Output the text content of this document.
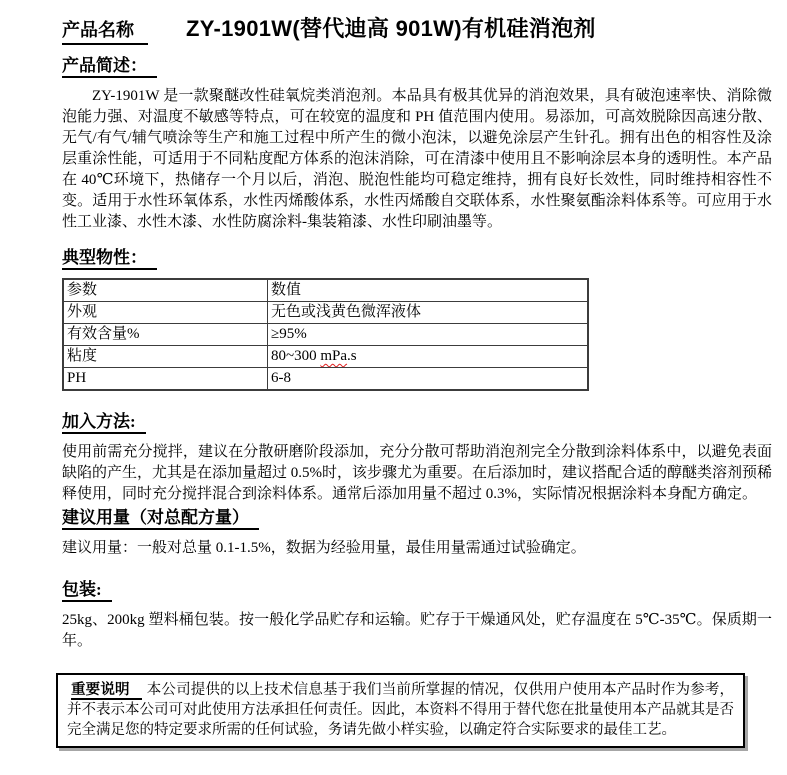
产品名称	ZY-1901W(替代迪高 901W)有机硅消泡剂
产品简述：

ZY-1901W 是一款聚醚改性硅氧烷类消泡剂。本品具有极其优异的消泡效果，具有破泡速率快、消除微泡能力强、对温度不敏感等特点，可在较宽的温度和 PH 值范围内使用。易添加，可高效脱除因高速分散、无气/有气/辅气喷涂等生产和施工过程中所产生的微小泡沫，以避免涂层产生针孔。拥有出色的相容性及涂层重涂性能，可适用于不同粘度配方体系的泡沫消除，可在清漆中使用且不影响涂层本身的透明性。本产品在 40℃环境下，热储存一个月以后，消泡、脱泡性能均可稳定维持，拥有良好长效性，同时维持相容性不变。适用于水性环氧体系，水性丙烯酸体系，水性丙烯酸自交联体系，水性聚氨酯涂料体系等。可应用于水性工业漆、水性木漆、水性防腐涂料-集装箱漆、水性印刷油墨等。

典型物性：
参数	数值
外观	无色或浅黄色微浑液体
有效含量%	≥95%
粘度	80~300 mPa.s
PH	6-8
加入方法:

使用前需充分搅拌，建议在分散研磨阶段添加，充分分散可帮助消泡剂完全分散到涂料体系中，以避免表面缺陷的产生，尤其是在添加量超过 0.5%时，该步骤尤为重要。在后添加时，建议搭配合适的醇醚类溶剂预稀释使用，同时充分搅拌混合到涂料体系。通常后添加用量不超过 0.3%，实际情况根据涂料本身配方确定。

建议用量（对总配方量）

建议用量：一般对总量 0.1-1.5%，数据为经验用量，最佳用量需通过试验确定。

包装:

25kg、200kg 塑料桶包装。按一般化学品贮存和运输。贮存于干燥通风处，贮存温度在 5℃-35℃。保质期一年。

重要说明 本公司提供的以上技术信息基于我们当前所掌握的情况，仅供用户使用本产品时作为参考，并不表示本公司可对此使用方法承担任何责任。因此，本资料不得用于替代您在批量使用本产品就其是否完全满足您的特定要求所需的任何试验，务请先做小样实验，以确定符合实际要求的最佳工艺。
